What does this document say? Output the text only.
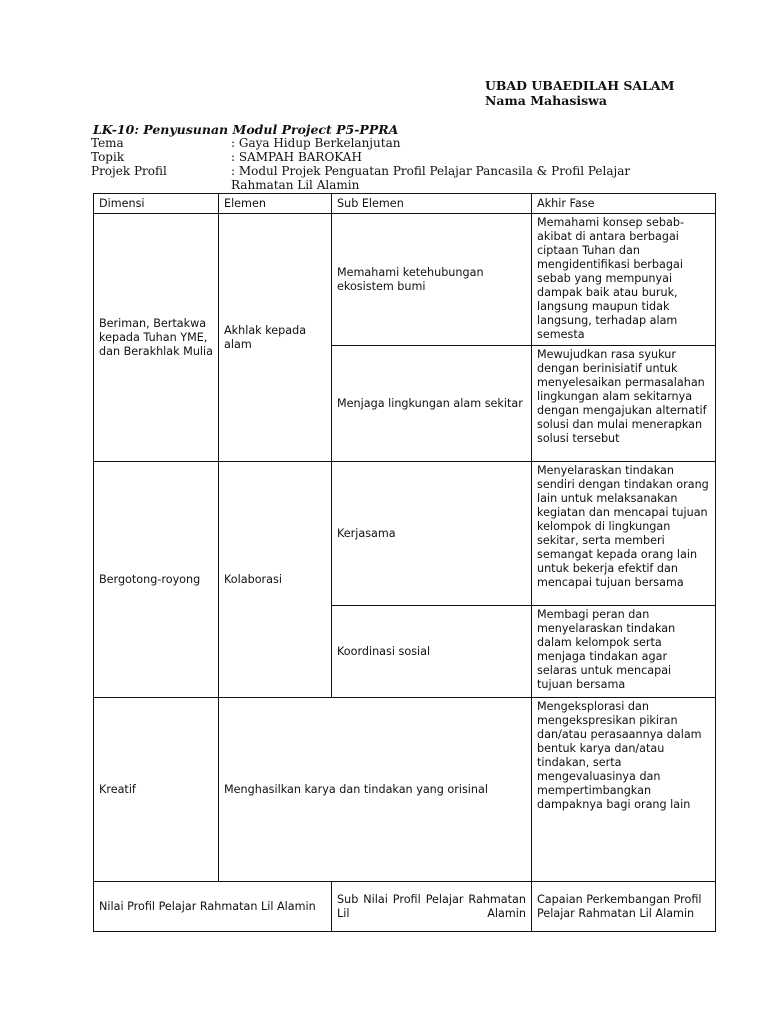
UBAD UBAEDILAH SALAM
Nama Mahasiswa
LK-10: Penyusunan Modul Project P5-PPRA
Tema	: Gaya Hidup Berkelanjutan
Topik	: SAMPAH BAROKAH
Projek Profil	: Modul Projek Penguatan Profil Pelajar Pancasila & Profil Pelajar Rahmatan Lil Alamin
Dimensi	Elemen	Sub Elemen	Akhir Fase
Beriman, Bertakwa kepada Tuhan YME, dan Berakhlak Mulia	Akhlak kepada alam	Memahami ketehubungan ekosistem bumi	Memahami konsep sebab-akibat di antara berbagai ciptaan Tuhan dan mengidentifikasi berbagai sebab yang mempunyai dampak baik atau buruk, langsung maupun tidak langsung, terhadap alam semesta
		Menjaga lingkungan alam sekitar	Mewujudkan rasa syukur dengan berinisiatif untuk menyelesaikan permasalahan lingkungan alam sekitarnya dengan mengajukan alternatif solusi dan mulai menerapkan solusi tersebut
Bergotong-royong	Kolaborasi	Kerjasama	Menyelaraskan tindakan sendiri dengan tindakan orang lain untuk melaksanakan kegiatan dan mencapai tujuan kelompok di lingkungan sekitar, serta memberi semangat kepada orang lain untuk bekerja efektif dan mencapai tujuan bersama
		Koordinasi sosial	Membagi peran dan menyelaraskan tindakan dalam kelompok serta menjaga tindakan agar selaras untuk mencapai tujuan bersama
Kreatif	Menghasilkan karya dan tindakan yang orisinal		Mengeksplorasi dan mengekspresikan pikiran dan/atau perasaannya dalam bentuk karya dan/atau tindakan, serta mengevaluasinya dan mempertimbangkan dampaknya bagi orang lain
Nilai Profil Pelajar Rahmatan Lil Alamin		Sub Nilai Profil Pelajar Rahmatan Lil Alamin	Capaian Perkembangan Profil Pelajar Rahmatan Lil Alamin
